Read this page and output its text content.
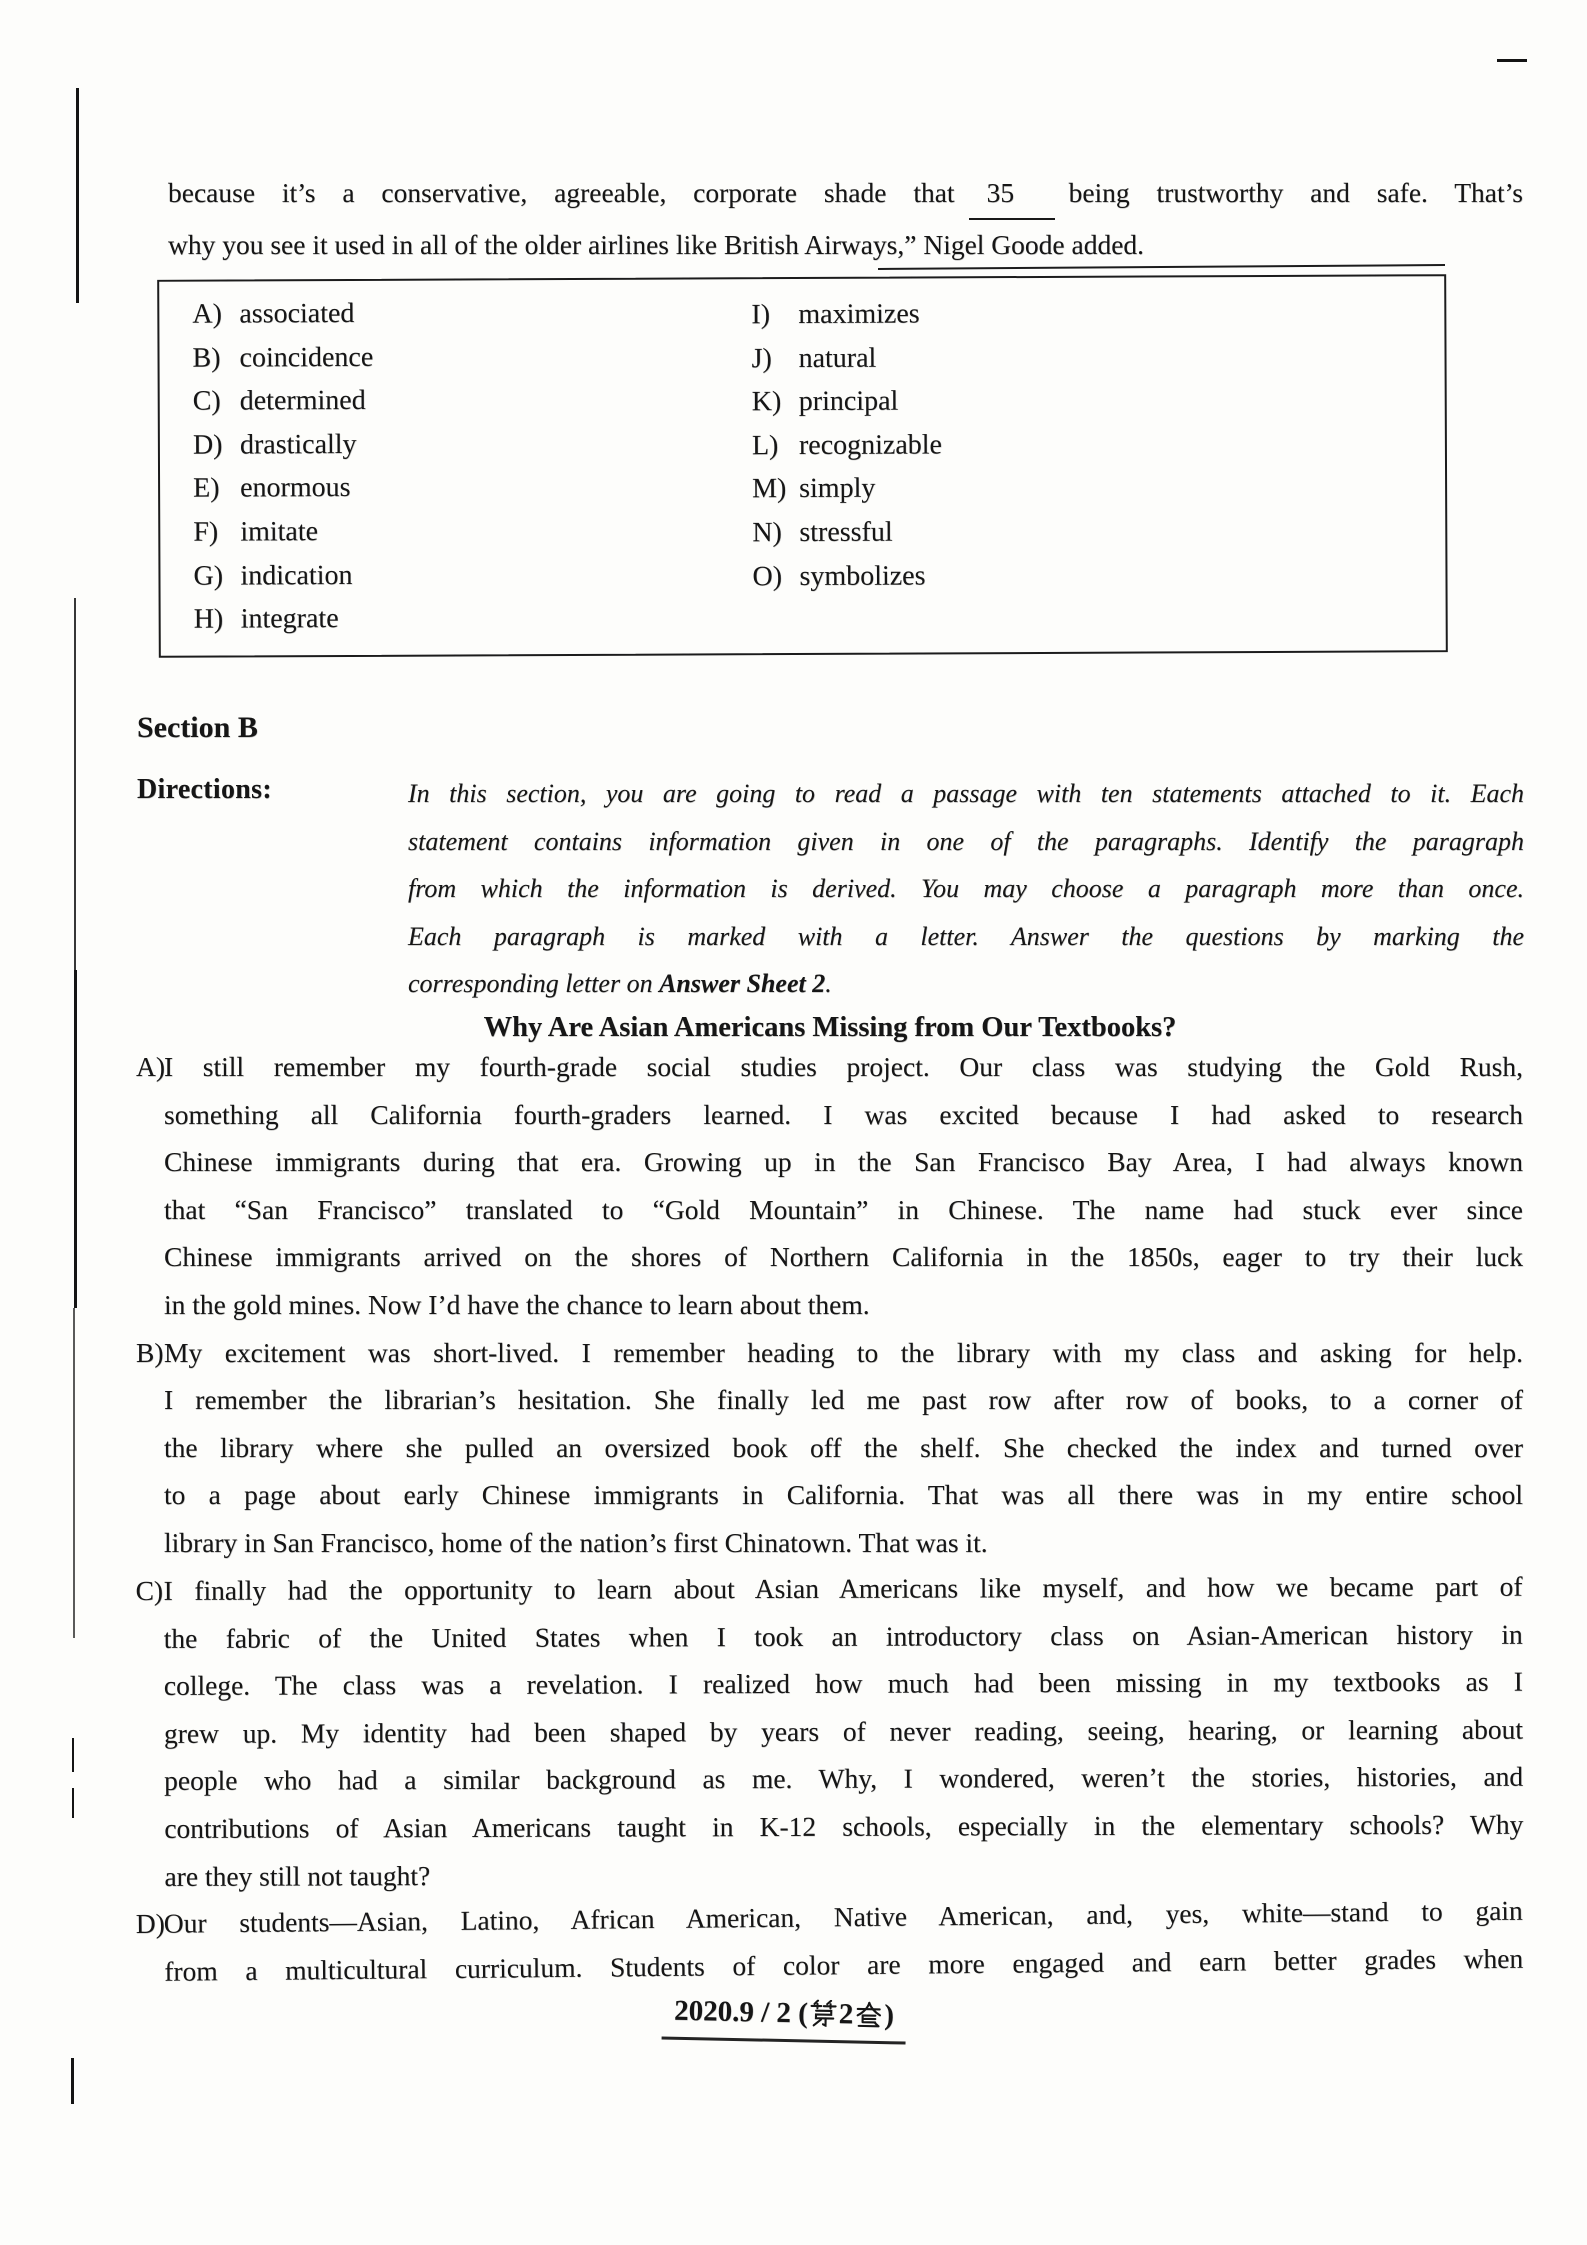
because it’s a conservative, agreeable, corporate shade that 35 being trustworthy and safe. That’s
why you see it used in all of the older airlines like British Airways,” Nigel Goode added.
A) associated
B) coincidence
C) determined
D) drastically
E) enormous
F) imitate
G) indication
H) integrate
I) maximizes
J) natural
K) principal
L) recognizable
M) simply
N) stressful
O) symbolizes
Section B
Directions:	In this section, you are going to read a passage with ten statements attached to it. Each
statement contains information given in one of the paragraphs. Identify the paragraph
from which the information is derived. You may choose a paragraph more than once.
Each paragraph is marked with a letter. Answer the questions by marking the
corresponding letter on Answer Sheet 2.
Why Are Asian Americans Missing from Our Textbooks?
A)
I still remember my fourth-grade social studies project. Our class was studying the Gold Rush,
something all California fourth-graders learned. I was excited because I had asked to research
Chinese immigrants during that era. Growing up in the San Francisco Bay Area, I had always known
that “San Francisco” translated to “Gold Mountain” in Chinese. The name had stuck ever since
Chinese immigrants arrived on the shores of Northern California in the 1850s, eager to try their luck
in the gold mines. Now I’d have the chance to learn about them.
B) My excitement was short-lived. I remember heading to the library with my class and asking for help.
I remember the librarian’s hesitation. She finally led me past row after row of books, to a corner of
the library where she pulled an oversized book off the shelf. She checked the index and turned over
to a page about early Chinese immigrants in California. That was all there was in my entire school
library in San Francisco, home of the nation’s first Chinatown. That was it.
C) I finally had the opportunity to learn about Asian Americans like myself, and how we became part of
the fabric of the United States when I took an introductory class on Asian-American history in
college. The class was a revelation. I realized how much had been missing in my textbooks as I
grew up. My identity had been shaped by years of never reading, seeing, hearing, or learning about
people who had a similar background as me. Why, I wondered, weren’t the stories, histories, and
contributions of Asian Americans taught in K-12 schools, especially in the elementary schools? Why
are they still not taught?
D)
Our students—Asian, Latino, African American, Native American, and, yes, white—stand to gain
from a multicultural curriculum. Students of color are more engaged and earn better grades when
2020.9 / 2 ( 2 )
